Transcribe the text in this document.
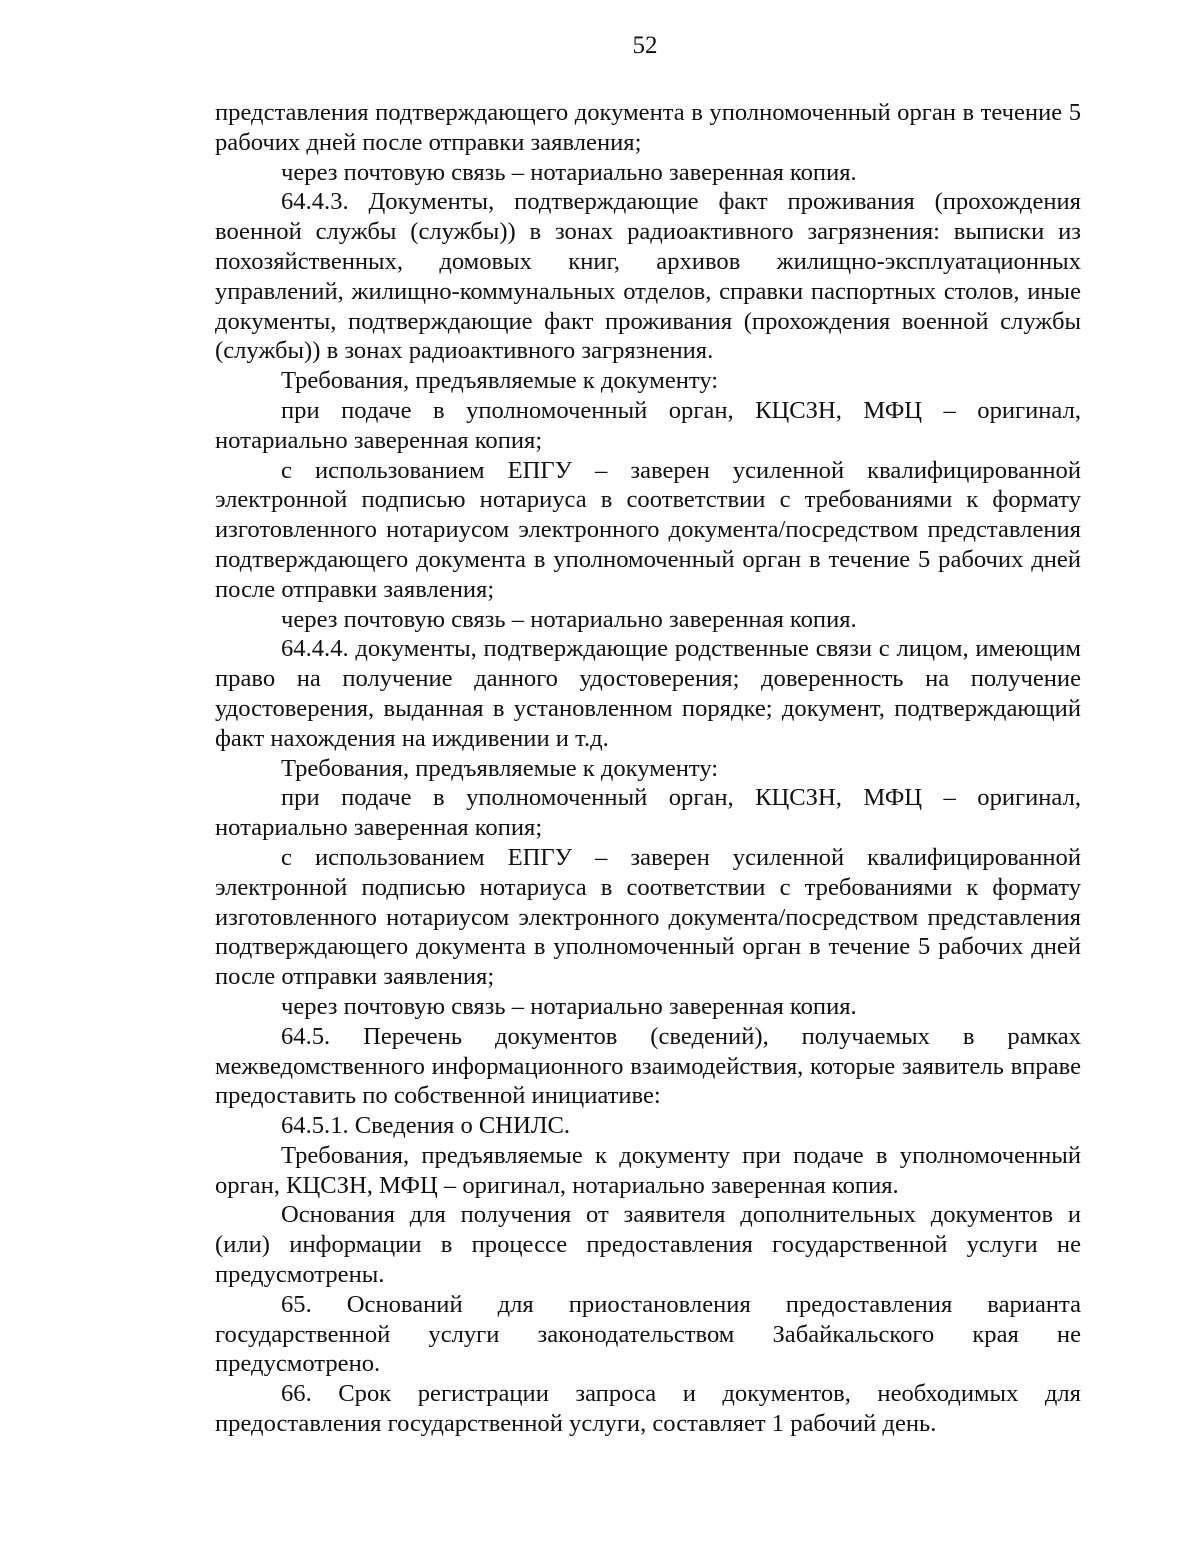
52

представления подтверждающего документа в уполномоченный орган в течение 5 рабочих дней после отправки заявления;

через почтовую связь – нотариально заверенная копия.

64.4.3. Документы, подтверждающие факт проживания (прохождения военной службы (службы)) в зонах радиоактивного загрязнения: выписки из похозяйственных, домовых книг, архивов жилищно-эксплуатационных управлений, жилищно-коммунальных отделов, справки паспортных столов, иные документы, подтверждающие факт проживания (прохождения военной службы (службы)) в зонах радиоактивного загрязнения.

Требования, предъявляемые к документу:

при подаче в уполномоченный орган, КЦСЗН, МФЦ – оригинал, нотариально заверенная копия;

с использованием ЕПГУ – заверен усиленной квалифицированной электронной подписью нотариуса в соответствии с требованиями к формату изготовленного нотариусом электронного документа/посредством представления подтверждающего документа в уполномоченный орган в течение 5 рабочих дней после отправки заявления;

через почтовую связь – нотариально заверенная копия.

64.4.4. документы, подтверждающие родственные связи с лицом, имеющим право на получение данного удостоверения; доверенность на получение удостоверения, выданная в установленном порядке; документ, подтверждающий факт нахождения на иждивении и т.д.

Требования, предъявляемые к документу:

при подаче в уполномоченный орган, КЦСЗН, МФЦ – оригинал, нотариально заверенная копия;

с использованием ЕПГУ – заверен усиленной квалифицированной электронной подписью нотариуса в соответствии с требованиями к формату изготовленного нотариусом электронного документа/посредством представления подтверждающего документа в уполномоченный орган в течение 5 рабочих дней после отправки заявления;

через почтовую связь – нотариально заверенная копия.

64.5. Перечень документов (сведений), получаемых в рамках межведомственного информационного взаимодействия, которые заявитель вправе предоставить по собственной инициативе:

64.5.1. Сведения о СНИЛС.

Требования, предъявляемые к документу при подаче в уполномоченный орган, КЦСЗН, МФЦ – оригинал, нотариально заверенная копия.

Основания для получения от заявителя дополнительных документов и (или) информации в процессе предоставления государственной услуги не предусмотрены.

65. Оснований для приостановления предоставления варианта государственной услуги законодательством Забайкальского края не предусмотрено.

66. Срок регистрации запроса и документов, необходимых для предоставления государственной услуги, составляет 1 рабочий день.
